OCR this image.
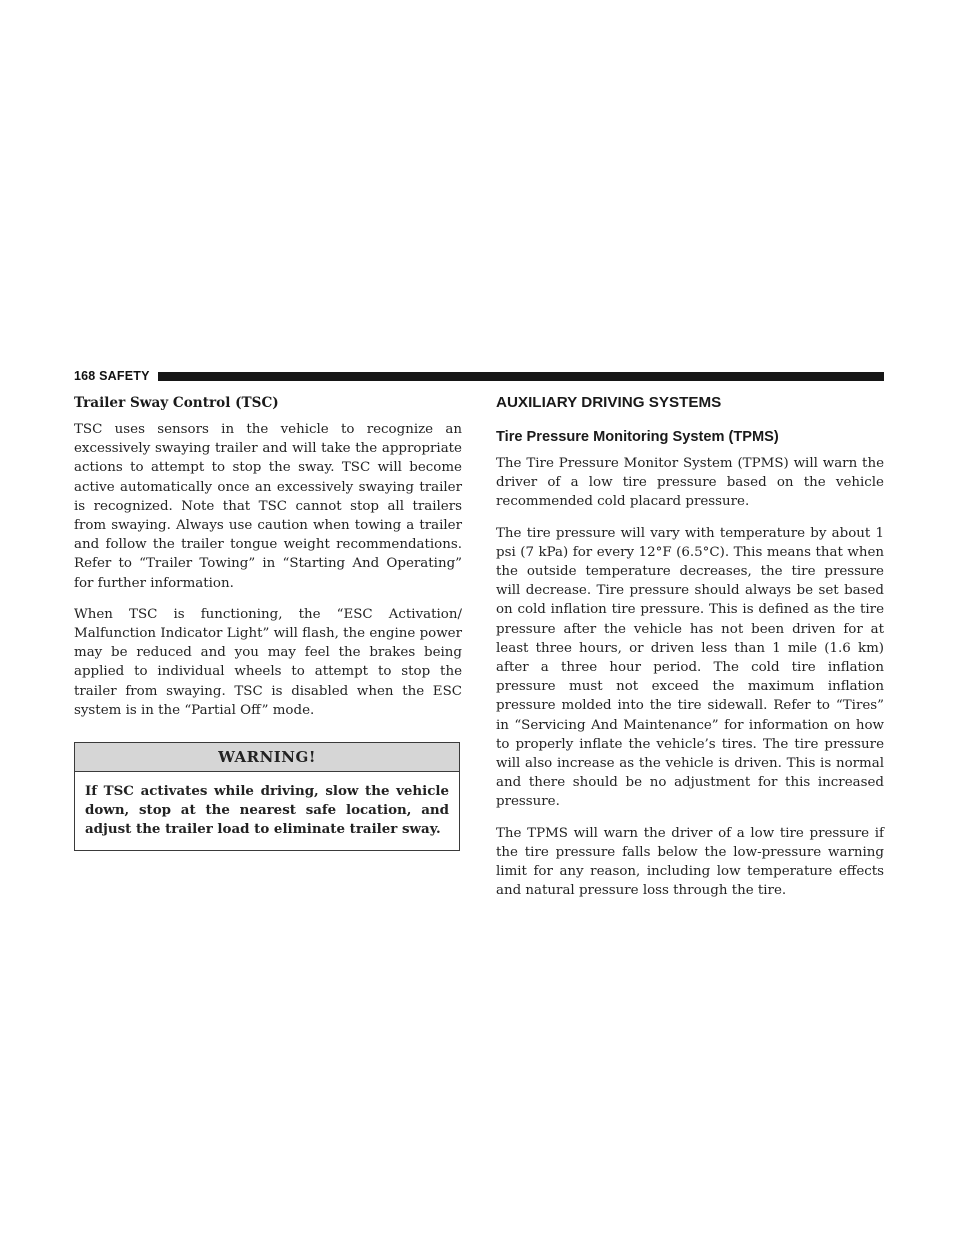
168 SAFETY
Trailer Sway Control (TSC)

TSC uses sensors in the vehicle to recognize an excessively swaying trailer and will take the appropriate actions to attempt to stop the sway. TSC will become active automatically once an excessively swaying trailer is recognized. Note that TSC cannot stop all trailers from swaying. Always use caution when towing a trailer and follow the trailer tongue weight recommendations. Refer to “Trailer Towing” in “Starting And Operating” for further information.

When TSC is functioning, the “ESC Activation/ Malfunction Indicator Light” will flash, the engine power may be reduced and you may feel the brakes being applied to individual wheels to attempt to stop the trailer from swaying. TSC is disabled when the ESC system is in the “Partial Off” mode.

WARNING!
If TSC activates while driving, slow the vehicle down, stop at the nearest safe location, and adjust the trailer load to eliminate trailer sway.
AUXILIARY DRIVING SYSTEMS
Tire Pressure Monitoring System (TPMS)

The Tire Pressure Monitor System (TPMS) will warn the driver of a low tire pressure based on the vehicle recommended cold placard pressure.

The tire pressure will vary with temperature by about 1 psi (7 kPa) for every 12°F (6.5°C). This means that when the outside temperature decreases, the tire pressure will decrease. Tire pressure should always be set based on cold inflation tire pressure. This is defined as the tire pressure after the vehicle has not been driven for at least three hours, or driven less than 1 mile (1.6 km) after a three hour period. The cold tire inflation pressure must not exceed the maximum inflation pressure molded into the tire sidewall. Refer to “Tires” in “Servicing And Maintenance” for information on how to properly inflate the vehicle’s tires. The tire pressure will also increase as the vehicle is driven. This is normal and there should be no adjustment for this increased pressure.

The TPMS will warn the driver of a low tire pressure if the tire pressure falls below the low-pressure warning limit for any reason, including low temperature effects and natural pressure loss through the tire.
